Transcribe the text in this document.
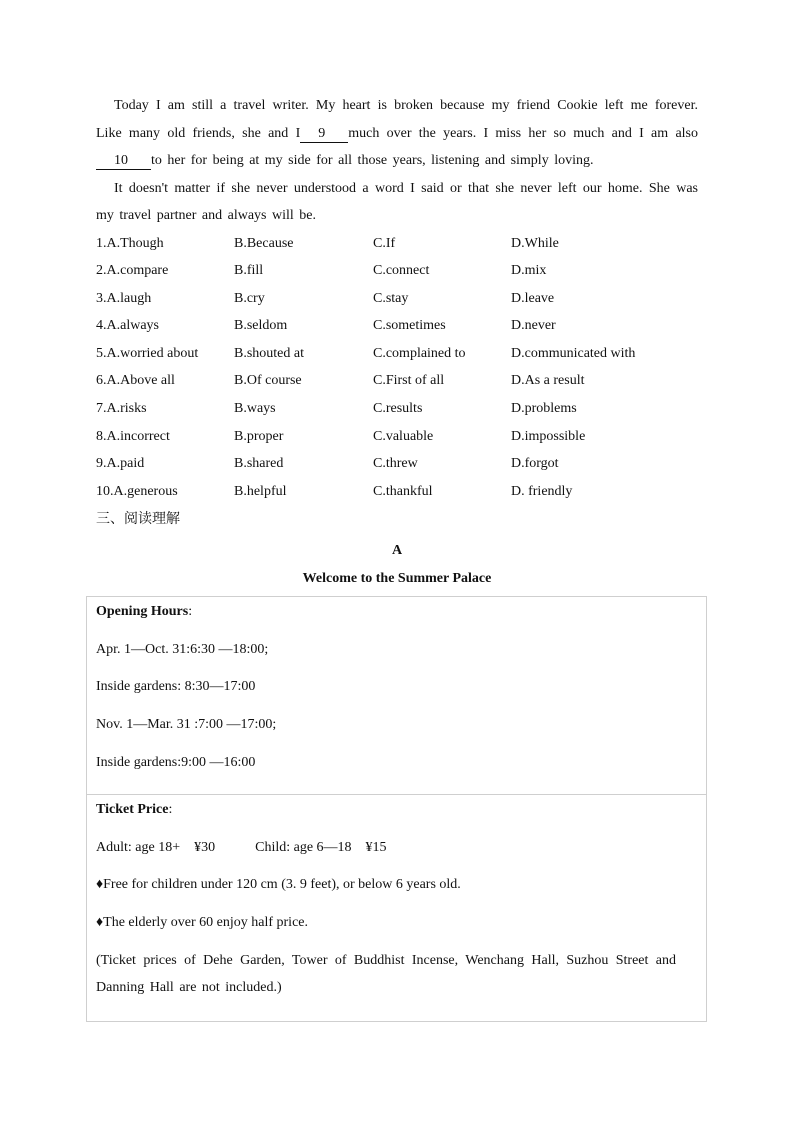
Today I am still a travel writer. My heart is broken because my friend Cookie left me forever. Like many old friends, she and I 9 much over the years. I miss her so much and I am also10 to her for being at my side for all those years, listening and simply loving.

It doesn't matter if she never understood a word I said or that she never left our home. She was my travel partner and always will be.

1.A.Though	B.Because	C.If	D.While
2.A.compare	B.fill	C.connect	D.mix
3.A.laugh	B.cry	C.stay	D.leave
4.A.always	B.seldom	C.sometimes	D.never
5.A.worried about	B.shouted at	C.complained to	D.communicated with
6.A.Above all	B.Of course	C.First of all	D.As a result
7.A.risks	B.ways	C.results	D.problems
8.A.incorrect	B.proper	C.valuable	D.impossible
9.A.paid	B.shared	C.threw	D.forgot
10.A.generous	B.helpful	C.thankful	D. friendly
三、阅读理解
A
Welcome to the Summer Palace
Opening Hours:
Apr. 1—Oct. 31:6:30 —18:00;
Inside gardens: 8:30—17:00
Nov. 1—Mar. 31 :7:00 —17:00;
Inside gardens:9:00 —16:00
Ticket Price:
Adult: age 18+    ¥30	Child: age 6—18    ¥15
♦Free for children under 120 cm (3. 9 feet), or below 6 years old.
♦The elderly over 60 enjoy half price.
(Ticket prices of Dehe Garden, Tower of Buddhist Incense, Wenchang Hall, Suzhou Street and Danning Hall are not included.)
